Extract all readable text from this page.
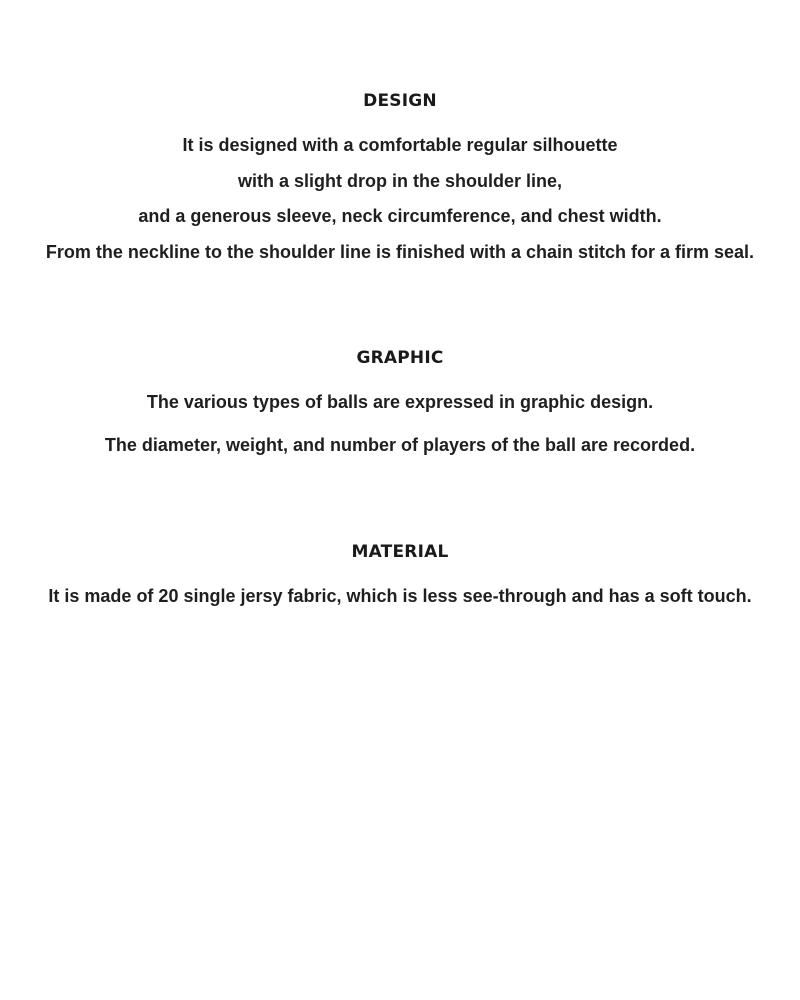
DESIGN
It is designed with a comfortable regular silhouette
with a slight drop in the shoulder line,
and a generous sleeve, neck circumference, and chest width.
From the neckline to the shoulder line is finished with a chain stitch for a firm seal.
GRAPHIC
The various types of balls are expressed in graphic design.
The diameter, weight, and number of players of the ball are recorded.
MATERIAL
It is made of 20 single jersy fabric, which is less see-through and has a soft touch.
